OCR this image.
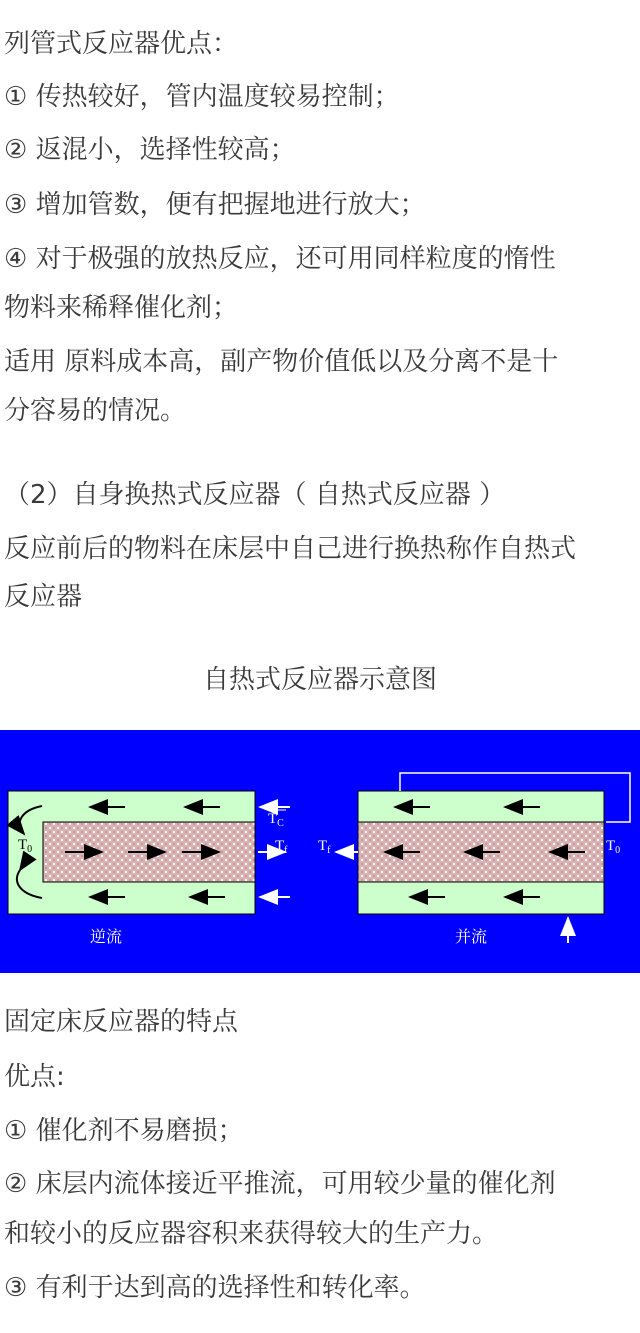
列管式反应器优点：

① 传热较好，管内温度较易控制；

② 返混小，选择性较高；

③ 增加管数，便有把握地进行放大；

④ 对于极强的放热反应，还可用同样粒度的惰性

物料来稀释催化剂；

适用 原料成本高，副产物价值低以及分离不是十

分容易的情况。

（2）自身换热式反应器（ 自热式反应器 ）

反应前后的物料在床层中自己进行换热称作自热式

反应器

自热式反应器示意图
$T_0$
$T_C$
$T_f$
逆流
$T_f$	$T_0$
并流

固定床反应器的特点

优点:

① 催化剂不易磨损；

② 床层内流体接近平推流，可用较少量的催化剂

和较小的反应器容积来获得较大的生产力。

③ 有利于达到高的选择性和转化率。
